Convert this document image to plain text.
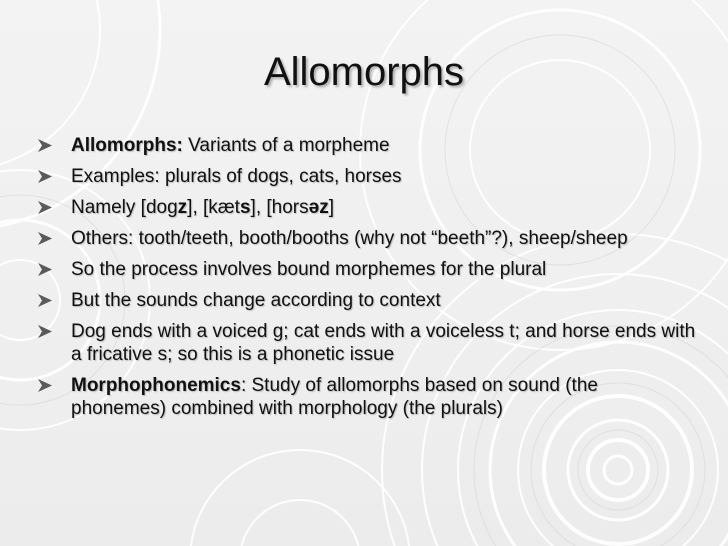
Allomorphs
Allomorphs: Variants of a morpheme
Examples: plurals of dogs, cats, horses
Namely [dogz], [kæts], [horsəz]
Others: tooth/teeth, booth/booths (why not “beeth”?), sheep/sheep
So the process involves bound morphemes for the plural
But the sounds change according to context
Dog ends with a voiced g; cat ends with a voiceless t; and horse ends with a fricative s; so this is a phonetic issue
Morphophonemics: Study of allomorphs based on sound (the phonemes) combined with morphology (the plurals)
